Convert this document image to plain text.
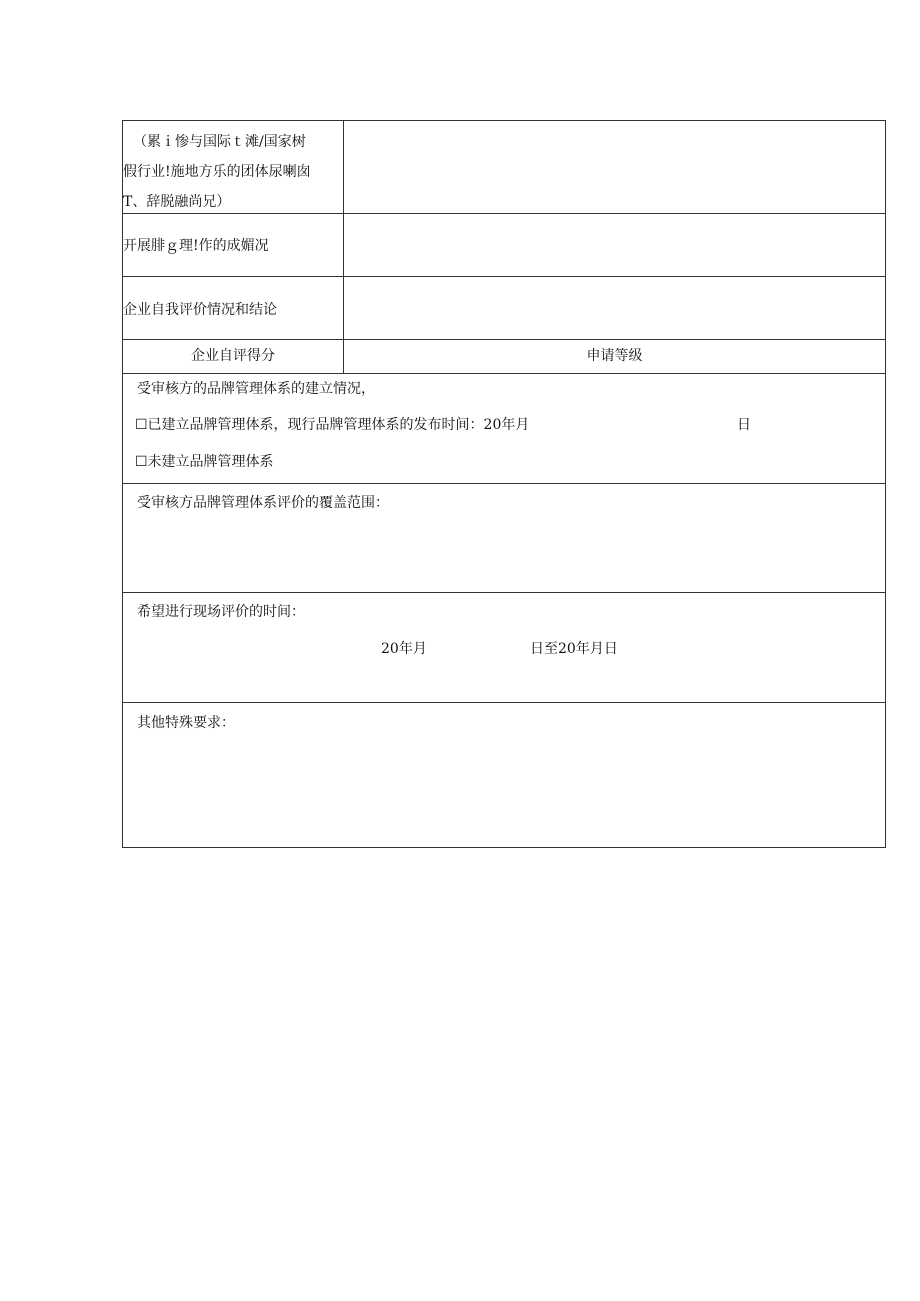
（累ｉ惨与国际ｔ滩/国家树
假行业!施地方乐的团体尿喇囱
T、辞脱融尚兄）
开展腓ｇ理!作的成媚况
企业自我评价情况和结论
企业自评得分	申请等级
受审核方的品牌管理体系的建立情况，
☐已建立品牌管理体系，现行品牌管理体系的发布时间：20年月	日
☐未建立品牌管理体系
受审核方品牌管理体系评价的覆盖范围：
希望进行现场评价的时间：
20年月	日至20年月日
其他特殊要求：
